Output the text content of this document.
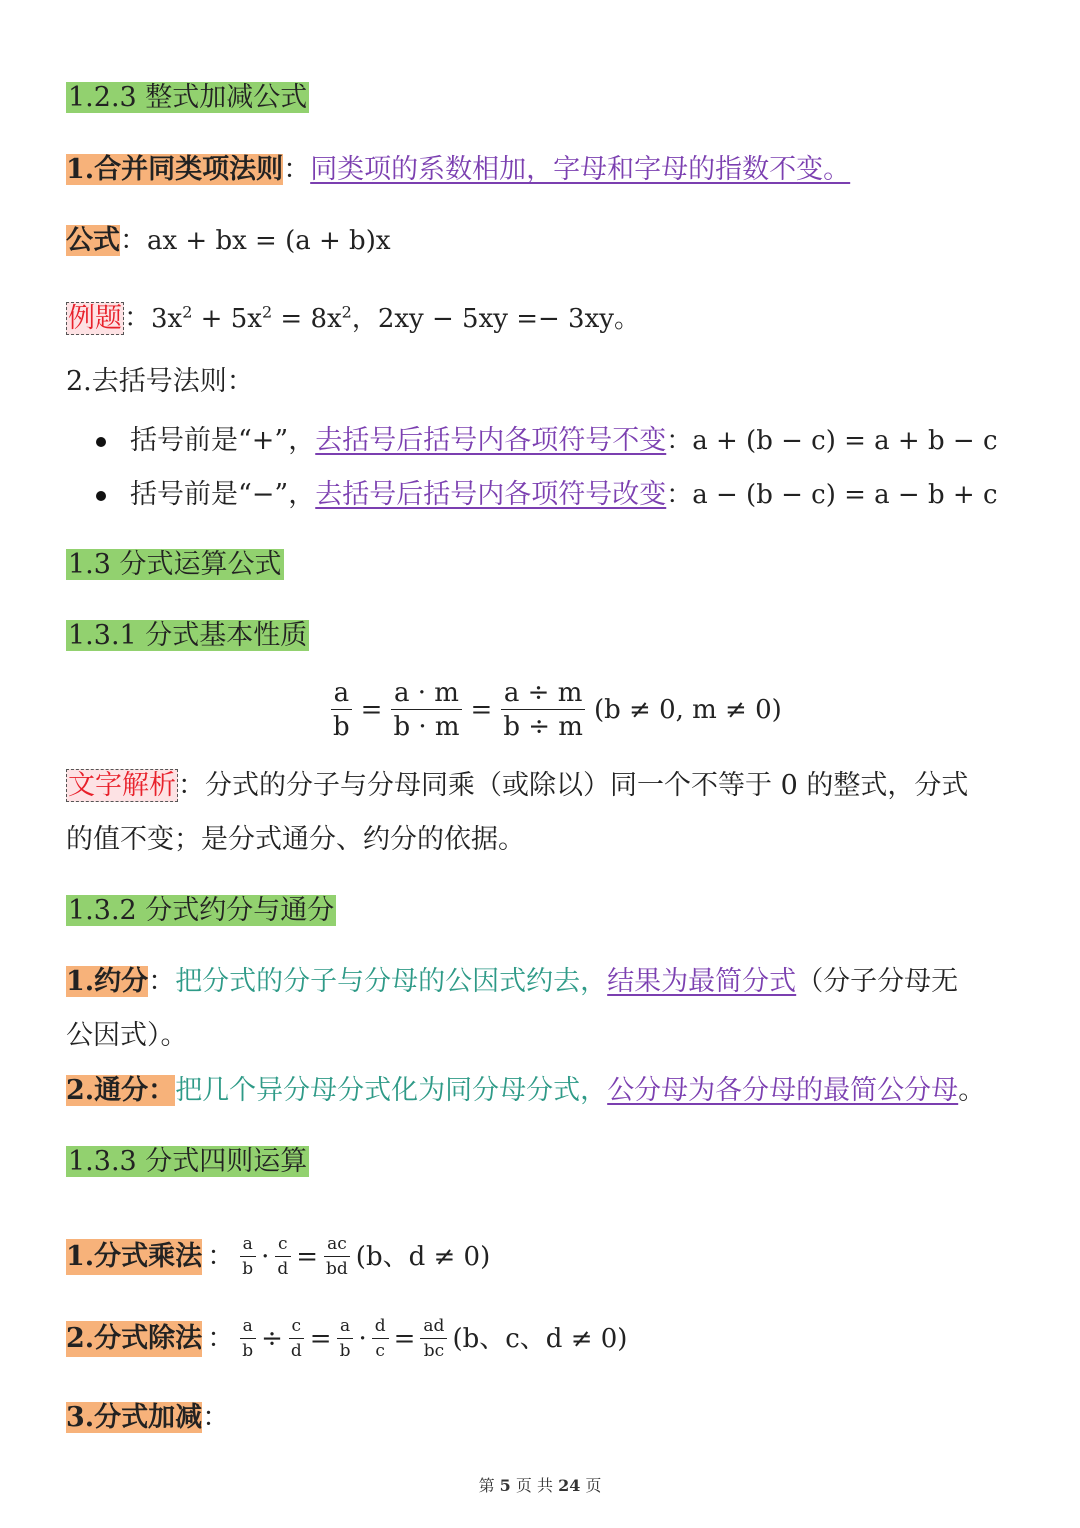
1.2.3 整式加减公式
1.合并同类项法则：同类项的系数相加，字母和字母的指数不变。
公式：ax + bx = (a + b)x
例题：$3x^2 + 5x^2 = 8x^2$，2xy − 5xy =− 3xy。
2.去括号法则：
括号前是“+”，去括号后括号内各项符号不变：a + (b − c) = a + b − c
括号前是“−”，去括号后括号内各项符号改变：a − (b − c) = a − b + c
1.3 分式运算公式
1.3.1 分式基本性质
$\frac{a}{b} = \frac{a \cdot m}{b \cdot m} = \frac{a \div m}{b \div m} (b \ne 0$, m ≠ 0)
文字解析：分式的分子与分母同乘（或除以）同一个不等于 0 的整式，分式
的值不变；是分式通分、约分的依据。
1.3.2 分式约分与通分
1.约分：把分式的分子与分母的公因式约去，结果为最简分式（分子分母无
公因式）。
2.通分：把几个异分母分式化为同分母分式，公分母为各分母的最简公分母。
1.3.3 分式四则运算
1.分式乘法 ： $\frac{a}{b} \cdot \frac{c}{d} = \frac{ac}{bd} (b$、d ≠ 0)
2.分式除法 ： $\frac{a}{b} \div \frac{c}{d} = \frac{a}{b} \cdot \frac{d}{c} = \frac{ad}{bc} (b$、c、d ≠ 0)
3.分式加减：
第 5 页 共 24 页
